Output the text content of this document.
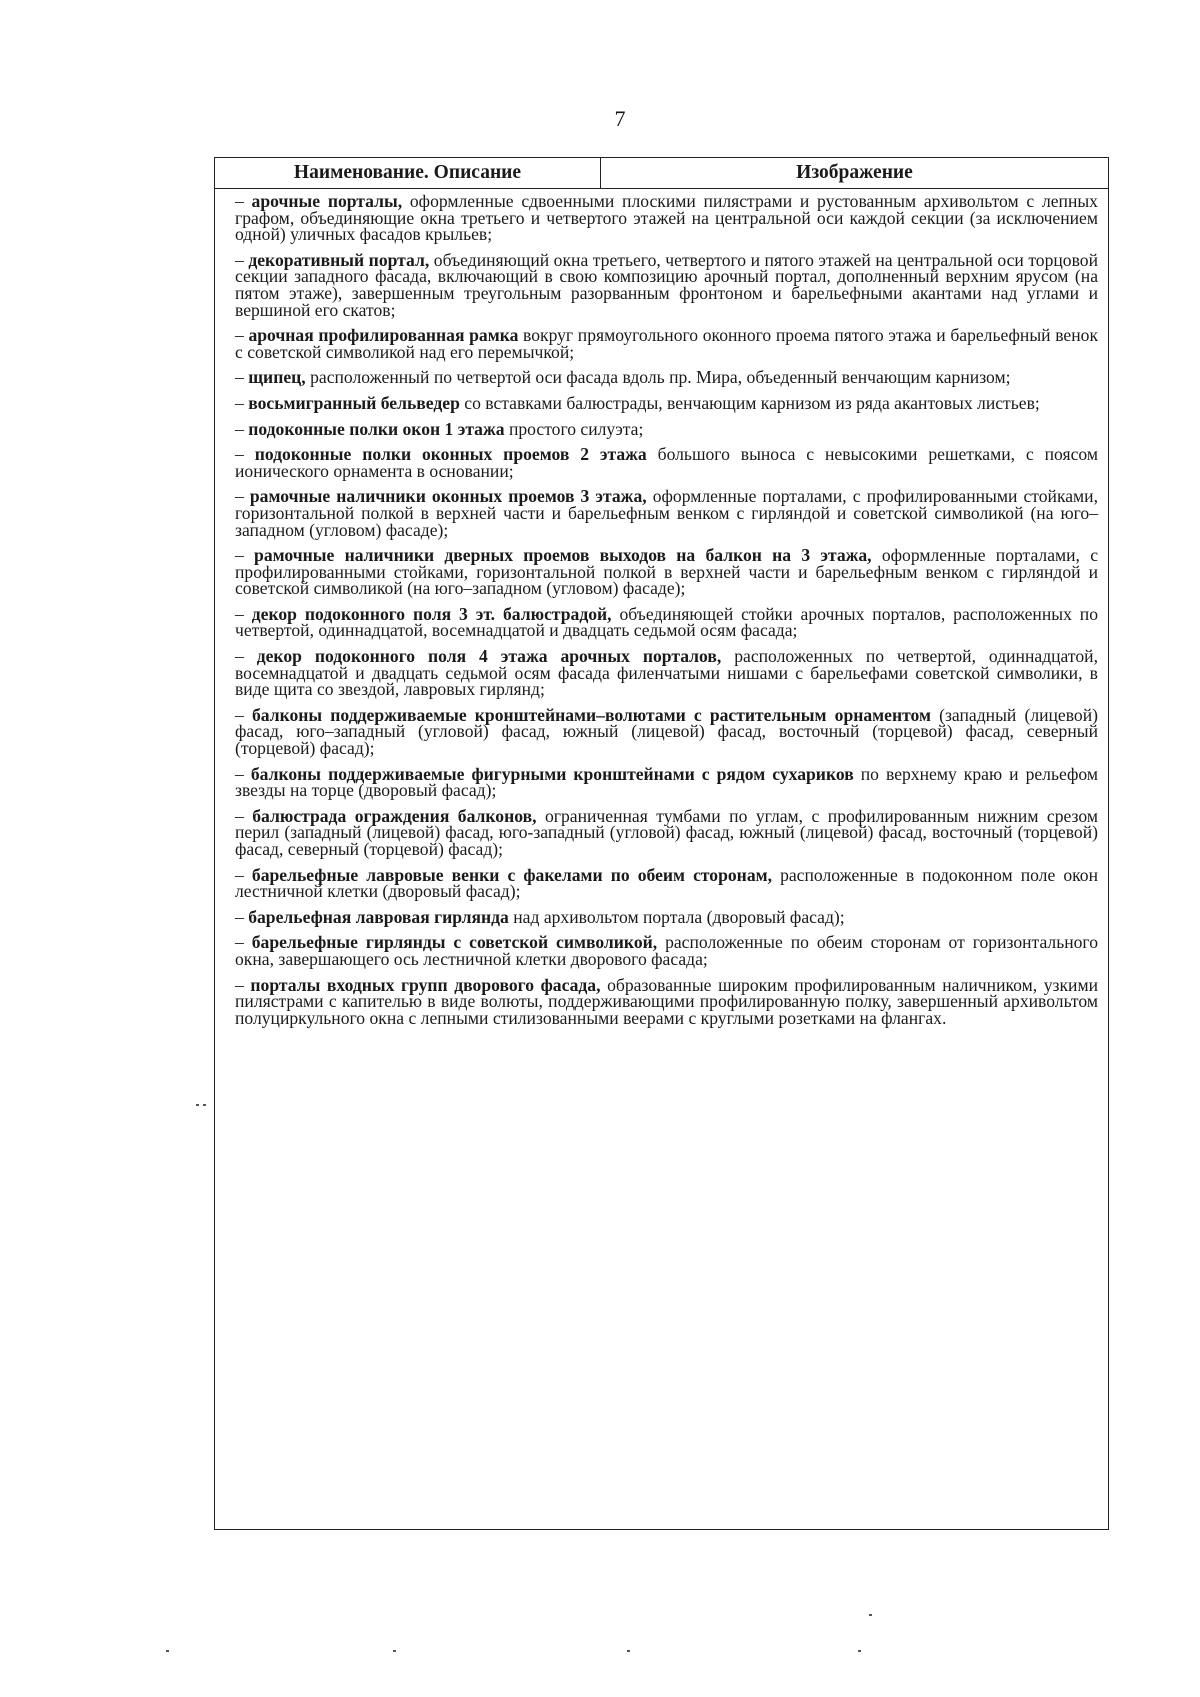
7
Наименование. Описание	Изображение

– арочные порталы, оформленные сдвоенными плоскими пилястрами и рустованным архивольтом с лепных графом, объединяющие окна третьего и четвертого этажей на центральной оси каждой секции (за исключением одной) уличных фасадов крыльев;

– декоративный портал, объединяющий окна третьего, четвертого и пятого этажей на центральной оси торцовой секции западного фасада, включающий в свою композицию арочный портал, дополненный верхним ярусом (на пятом этаже), завершенным треугольным разорванным фронтоном и барельефными акантами над углами и вершиной его скатов;

– арочная профилированная рамка вокруг прямоугольного оконного проема пятого этажа и барельефный венок с советской символикой над его перемычкой;

– щипец, расположенный по четвертой оси фасада вдоль пр. Мира, объеденный венчающим карнизом;

– восьмигранный бельведер со вставками балюстрады, венчающим карнизом из ряда акантовых листьев;

– подоконные полки окон 1 этажа простого силуэта;

– подоконные полки оконных проемов 2 этажа большого выноса с невысокими решетками, с поясом ионического орнамента в основании;

– рамочные наличники оконных проемов 3 этажа, оформленные порталами, с профилированными стойками, горизонтальной полкой в верхней части и барельефным венком с гирляндой и советской символикой (на юго– западном (угловом) фасаде);

– рамочные наличники дверных проемов выходов на балкон на 3 этажа, оформленные порталами, с профилированными стойками, горизонтальной полкой в верхней части и барельефным венком с гирляндой и советской символикой (на юго–западном (угловом) фасаде);

– декор подоконного поля 3 эт. балюстрадой, объединяющей стойки арочных порталов, расположенных по четвертой, одиннадцатой, восемнадцатой и двадцать седьмой осям фасада;

– декор подоконного поля 4 этажа арочных порталов, расположенных по четвертой, одиннадцатой, восемнадцатой и двадцать седьмой осям фасада филенчатыми нишами с барельефами советской символики, в виде щита со звездой, лавровых гирлянд;

– балконы поддерживаемые кронштейнами–волютами с растительным орнаментом (западный (лицевой) фасад, юго–западный (угловой) фасад, южный (лицевой) фасад, восточный (торцевой) фасад, северный (торцевой) фасад);

– балконы поддерживаемые фигурными кронштейнами с рядом сухариков по верхнему краю и рельефом звезды на торце (дворовый фасад);

– балюстрада ограждения балконов, ограниченная тумбами по углам, с профилированным нижним срезом перил (западный (лицевой) фасад, юго-западный (угловой) фасад, южный (лицевой) фасад, восточный (торцевой) фасад, северный (торцевой) фасад);

– барельефные лавровые венки с факелами по обеим сторонам, расположенные в подоконном поле окон лестничной клетки (дворовый фасад);

– барельефная лавровая гирлянда над архивольтом портала (дворовый фасад);

– барельефные гирлянды с советской символикой, расположенные по обеим сторонам от горизонтального окна, завершающего ось лестничной клетки дворового фасада;

– порталы входных групп дворового фасада, образованные широким профилированным наличником, узкими пилястрами с капителью в виде волюты, поддерживающими профилированную полку, завершенный архивольтом полуциркульного окна с лепными стилизованными веерами с круглыми розетками на флангах.
